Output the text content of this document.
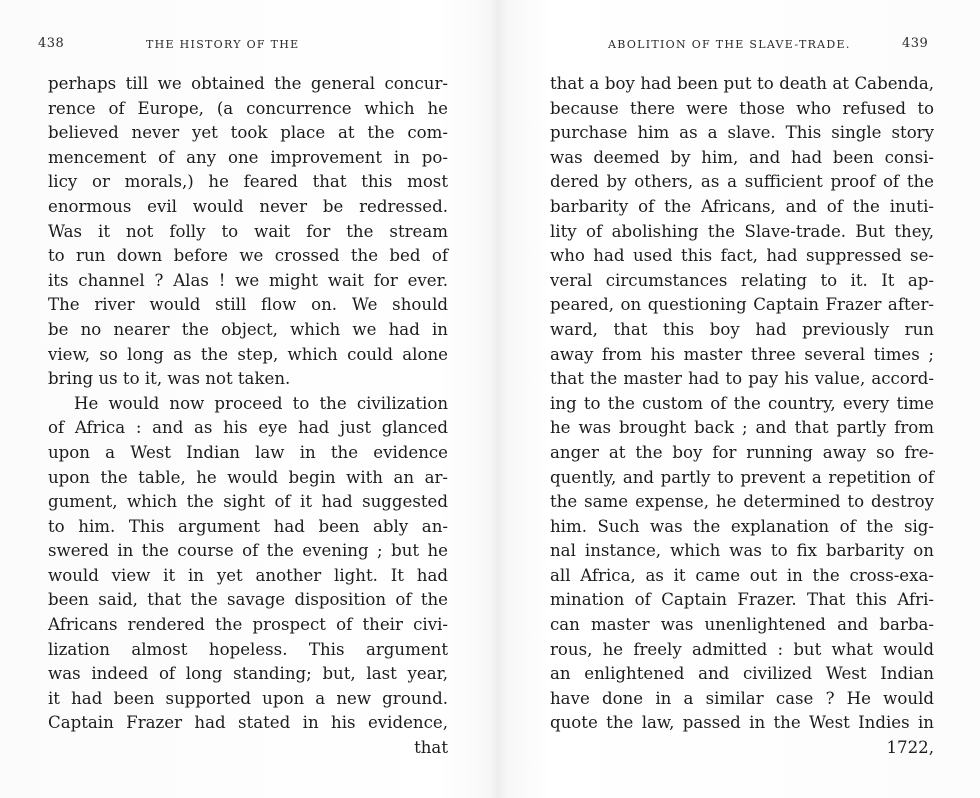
438	THE HISTORY OF THE
perhaps till we obtained the general concur-
rence of Europe, (a concurrence which he
believed never yet took place at the com-
mencement of any one improvement in po-
licy or morals,) he feared that this most
enormous evil would never be redressed.
Was it not folly to wait for the stream
to run down before we crossed the bed of
its channel ? Alas ! we might wait for ever.
The river would still flow on. We should
be no nearer the object, which we had in
view, so long as the step, which could alone
bring us to it, was not taken.
He would now proceed to the civilization
of Africa : and as his eye had just glanced
upon a West Indian law in the evidence
upon the table, he would begin with an ar-
gument, which the sight of it had suggested
to him. This argument had been ably an-
swered in the course of the evening ; but he
would view it in yet another light. It had
been said, that the savage disposition of the
Africans rendered the prospect of their civi-
lization almost hopeless. This argument
was indeed of long standing; but, last year,
it had been supported upon a new ground.
Captain Frazer had stated in his evidence,
that
ABOLITION OF THE SLAVE-TRADE.	439
that a boy had been put to death at Cabenda,
because there were those who refused to
purchase him as a slave. This single story
was deemed by him, and had been consi-
dered by others, as a sufficient proof of the
barbarity of the Africans, and of the inuti-
lity of abolishing the Slave-trade. But they,
who had used this fact, had suppressed se-
veral circumstances relating to it. It ap-
peared, on questioning Captain Frazer after-
ward, that this boy had previously run
away from his master three several times ;
that the master had to pay his value, accord-
ing to the custom of the country, every time
he was brought back ; and that partly from
anger at the boy for running away so fre-
quently, and partly to prevent a repetition of
the same expense, he determined to destroy
him. Such was the explanation of the sig-
nal instance, which was to fix barbarity on
all Africa, as it came out in the cross-exa-
mination of Captain Frazer. That this Afri-
can master was unenlightened and barba-
rous, he freely admitted : but what would
an enlightened and civilized West Indian
have done in a similar case ? He would
quote the law, passed in the West Indies in
1722,
